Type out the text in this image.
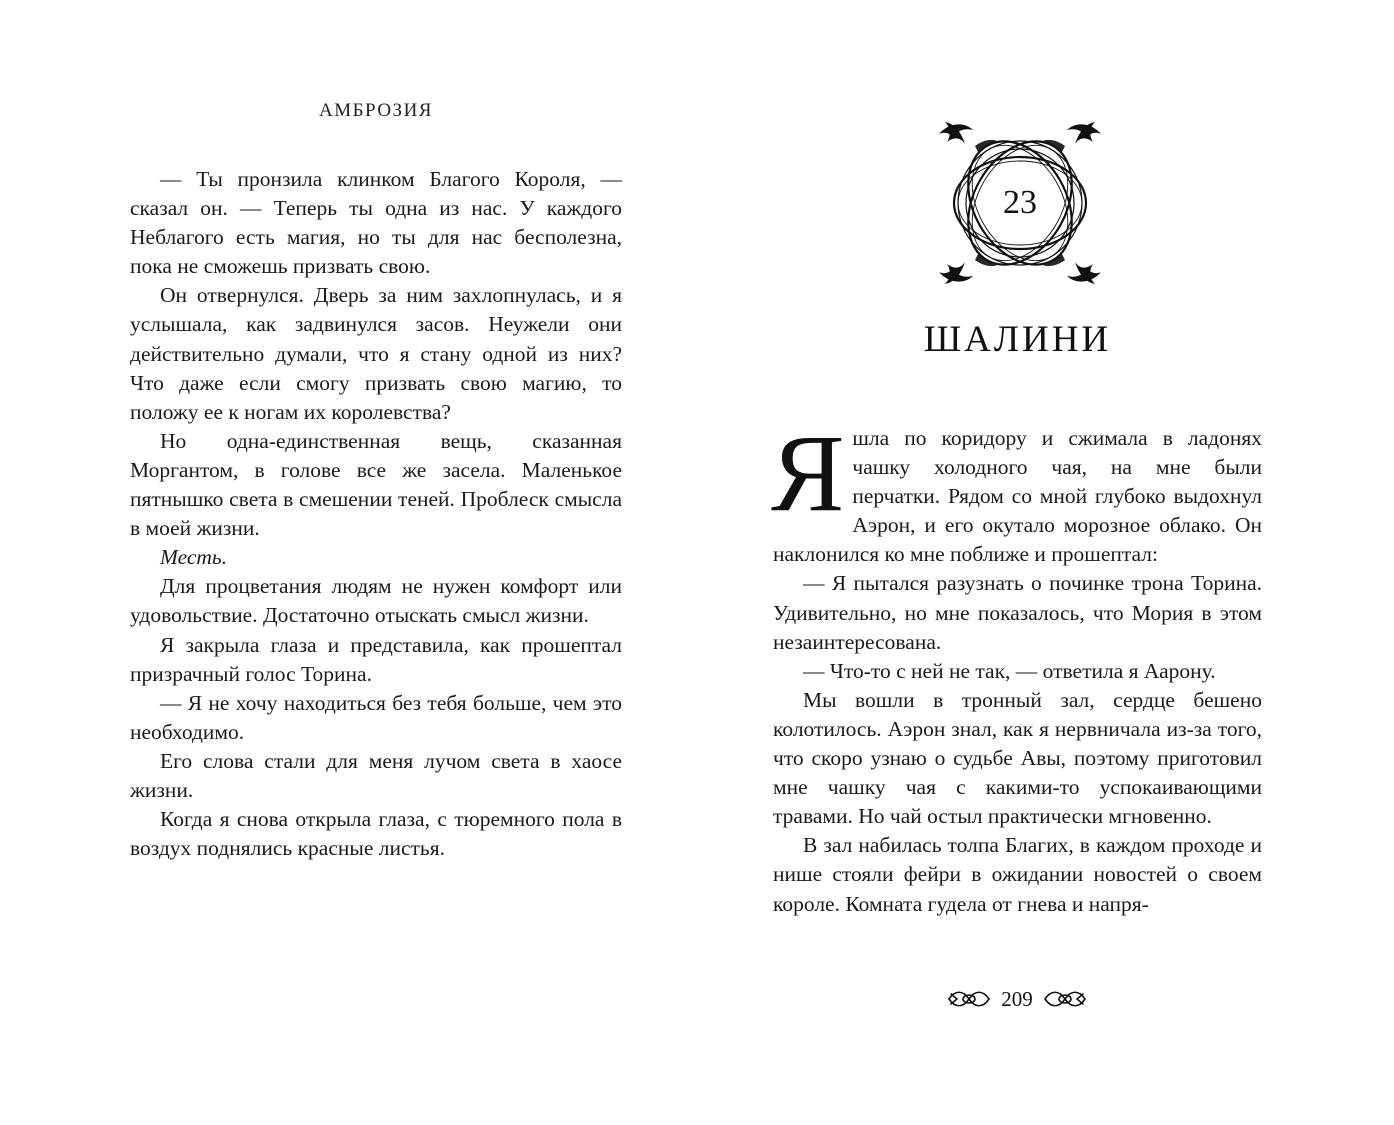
АМБРОЗИЯ

— Ты пронзила клинком Благого Короля, — сказал он. — Теперь ты одна из нас. У каждого Неблагого есть магия, но ты для нас бесполезна, пока не сможешь призвать свою.

Он отвернулся. Дверь за ним захлопнулась, и я услышала, как задвинулся засов. Неужели они действительно думали, что я стану одной из них? Что даже если смогу призвать свою магию, то положу ее к ногам их королевства?

Но одна-единственная вещь, сказанная Моргантом, в голове все же засела. Маленькое пятнышко света в смешении теней. Проблеск смысла в моей жизни.

Месть.

Для процветания людям не нужен комфорт или удовольствие. Достаточно отыскать смысл жизни.

Я закрыла глаза и представила, как прошептал призрачный голос Торина.

— Я не хочу находиться без тебя больше, чем это необходимо.

Его слова стали для меня лучом света в хаосе жизни.

Когда я снова открыла глаза, с тюремного пола в воздух поднялись красные листья.

23
ШАЛИНИ

Яшла по коридору и сжимала в ладонях чашку холодного чая, на мне были перчатки. Рядом со мной глубоко выдохнул Аэрон, и его окутало морозное облако. Он наклонился ко мне поближе и прошептал:

— Я пытался разузнать о починке трона Торина. Удивительно, но мне показалось, что Мория в этом незаинтересована.

— Что-то с ней не так, — ответила я Аарону.

Мы вошли в тронный зал, сердце бешено колотилось. Аэрон знал, как я нервничала из-за того, что скоро узнаю о судьбе Авы, поэтому приготовил мне чашку чая с какими-то успокаивающими травами. Но чай остыл практически мгновенно.

В зал набилась толпа Благих, в каждом проходе и нише стояли фейри в ожидании новостей о своем короле. Комната гудела от гнева и напря-

209
